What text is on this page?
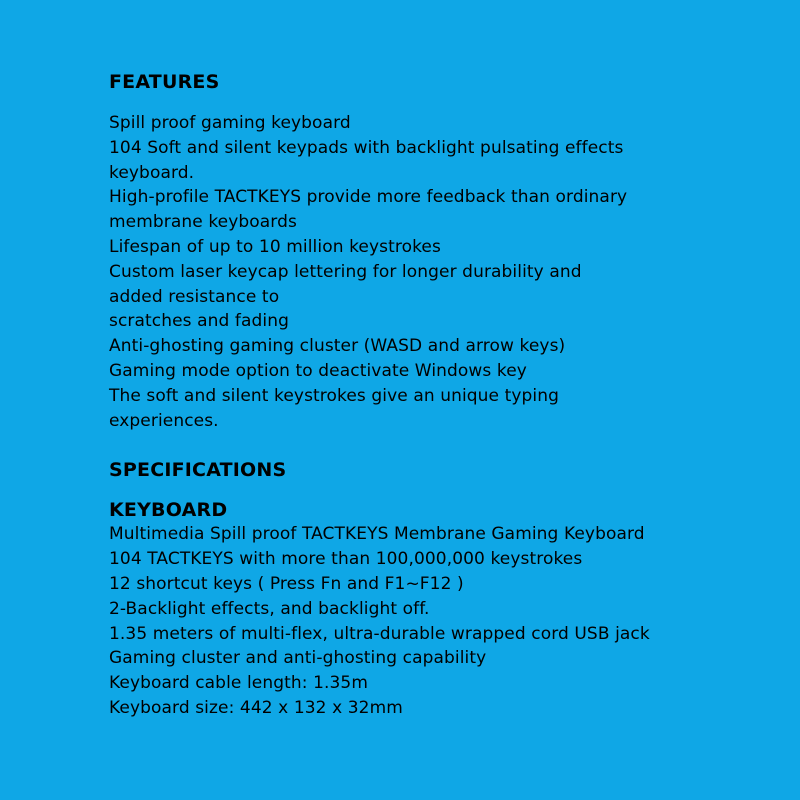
FEATURES
Spill proof gaming keyboard
104 Soft and silent keypads with backlight pulsating effects
keyboard.
High-profile TACTKEYS provide more feedback than ordinary
membrane keyboards
Lifespan of up to 10 million keystrokes
Custom laser keycap lettering for longer durability and
added resistance to
scratches and fading
Anti-ghosting gaming cluster (WASD and arrow keys)
Gaming mode option to deactivate Windows key
The soft and silent keystrokes give an unique typing
experiences.
SPECIFICATIONS
KEYBOARD
Multimedia Spill proof TACTKEYS Membrane Gaming Keyboard
104 TACTKEYS with more than 100,000,000 keystrokes
12 shortcut keys ( Press Fn and F1~F12 )
2-Backlight effects, and backlight off.
1.35 meters of multi-flex, ultra-durable wrapped cord USB jack
Gaming cluster and anti-ghosting capability
Keyboard cable length: 1.35m
Keyboard size: 442 x 132 x 32mm
